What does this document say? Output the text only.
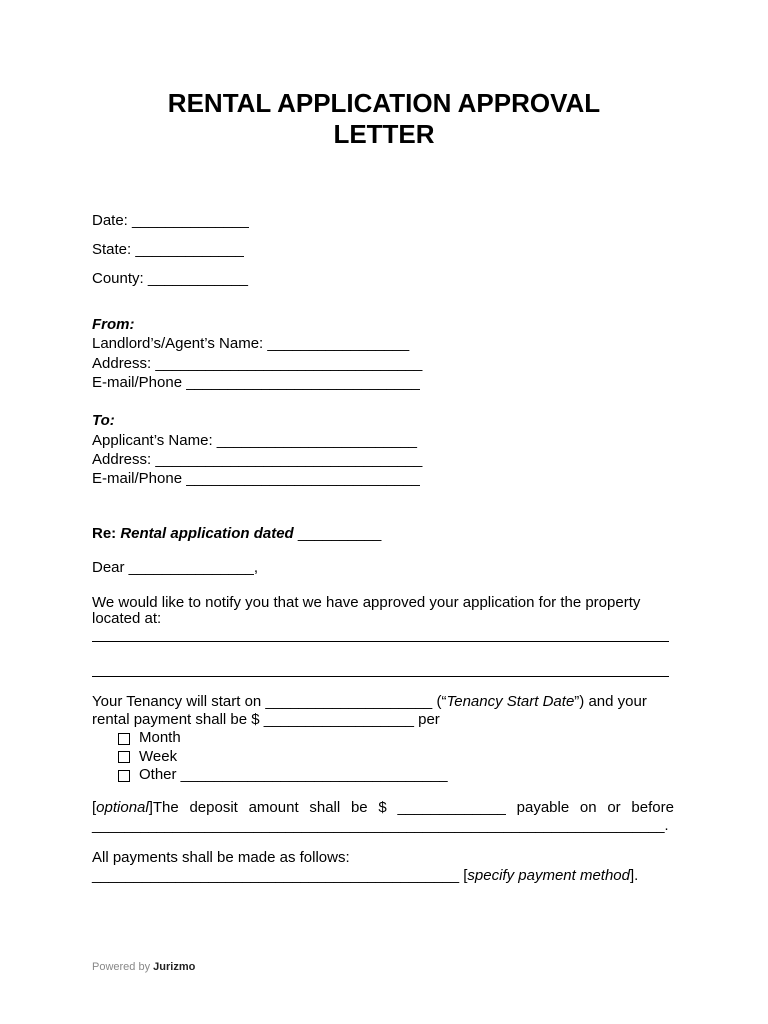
RENTAL APPLICATION APPROVAL
LETTER
Date: ______________
State: _____________
County: ____________
From:
Landlord’s/Agent’s Name: _________________
Address: ________________________________
E-mail/Phone ____________________________
To:
Applicant’s Name: ________________________
Address: ________________________________
E-mail/Phone ____________________________
Re: Rental application dated __________
Dear _______________,
We would like to notify you that we have approved your application for the property
located at:
Your Tenancy will start on ____________________ (“Tenancy Start Date”) and your
rental payment shall be $ __________________ per
Month
Week
Other ________________________________
[optional]The deposit amount shall be $ _____________ payable on or before
_______________________________________________________________________.
All payments shall be made as follows:
____________________________________________ [specify payment method].
Powered by Jurizmo
